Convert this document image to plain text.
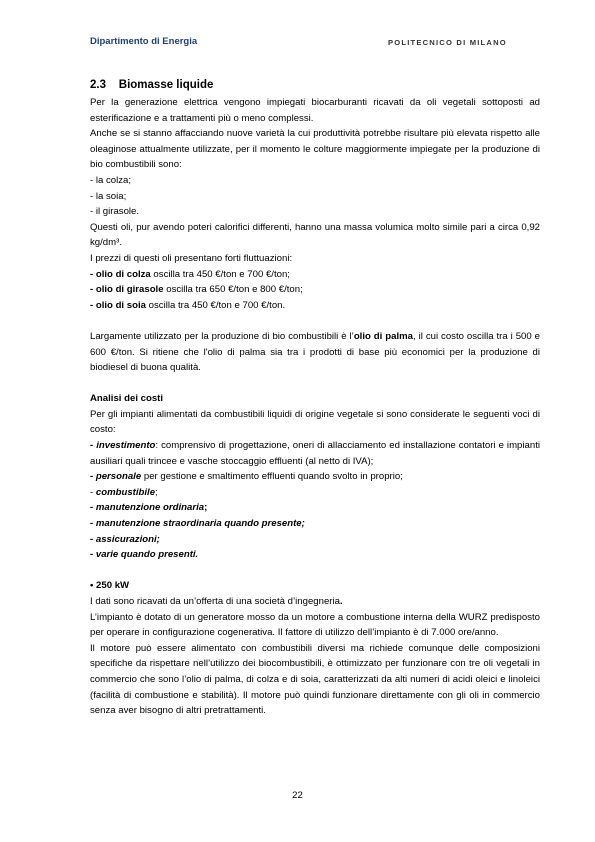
Dipartimento di Energia	POLITECNICO DI MILANO

2.3 Biomasse liquide

Per la generazione elettrica vengono impiegati biocarburanti ricavati da oli vegetali sottoposti ad esterificazione e a trattamenti più o meno complessi.

Anche se si stanno affacciando nuove varietà la cui produttività potrebbe risultare più elevata rispetto alle oleaginose attualmente utilizzate, per il momento le colture maggiormente impiegate per la produzione di bio combustibili sono:

- la colza;

- la soia;

- il girasole.

Questi oli, pur avendo poteri calorifici differenti, hanno una massa volumica molto simile pari a circa 0,92 kg/dm³.

I prezzi di questi oli presentano forti fluttuazioni:

- olio di colza oscilla tra 450 €/ton e 700 €/ton;

- olio di girasole oscilla tra 650 €/ton e 800 €/ton;

- olio di soia oscilla tra 450 €/ton e 700 €/ton.

Largamente utilizzato per la produzione di bio combustibili è l’olio di palma, il cui costo oscilla tra i 500 e 600 €/ton. Si ritiene che l'olio di palma sia tra i prodotti di base più economici per la produzione di biodiesel di buona qualità.

Analisi dei costi

Per gli impianti alimentati da combustibili liquidi di origine vegetale si sono considerate le seguenti voci di costo:

- investimento: comprensivo di progettazione, oneri di allacciamento ed installazione contatori e impianti ausiliari quali trincee e vasche stoccaggio effluenti (al netto di IVA);

- personale per gestione e smaltimento effluenti quando svolto in proprio;

- combustibile;

- manutenzione ordinaria;

- manutenzione straordinaria quando presente;

- assicurazioni;

- varie quando presenti.

• 250 kW

I dati sono ricavati da un’offerta di una società d’ingegneria.

L’impianto è dotato di un generatore mosso da un motore a combustione interna della WURZ predisposto per operare in configurazione cogenerativa. Il fattore di utilizzo dell’impianto è di 7.000 ore/anno.

Il motore può essere alimentato con combustibili diversi ma richiede comunque delle composizioni specifiche da rispettare nell’utilizzo dei biocombustibili, è ottimizzato per funzionare con tre oli vegetali in commercio che sono l’olio di palma, di colza e di soia, caratterizzati da alti numeri di acidi oleici e linoleici (facilità di combustione e stabilità). Il motore può quindi funzionare direttamente con gli oli in commercio senza aver bisogno di altri pretrattamenti.

22
